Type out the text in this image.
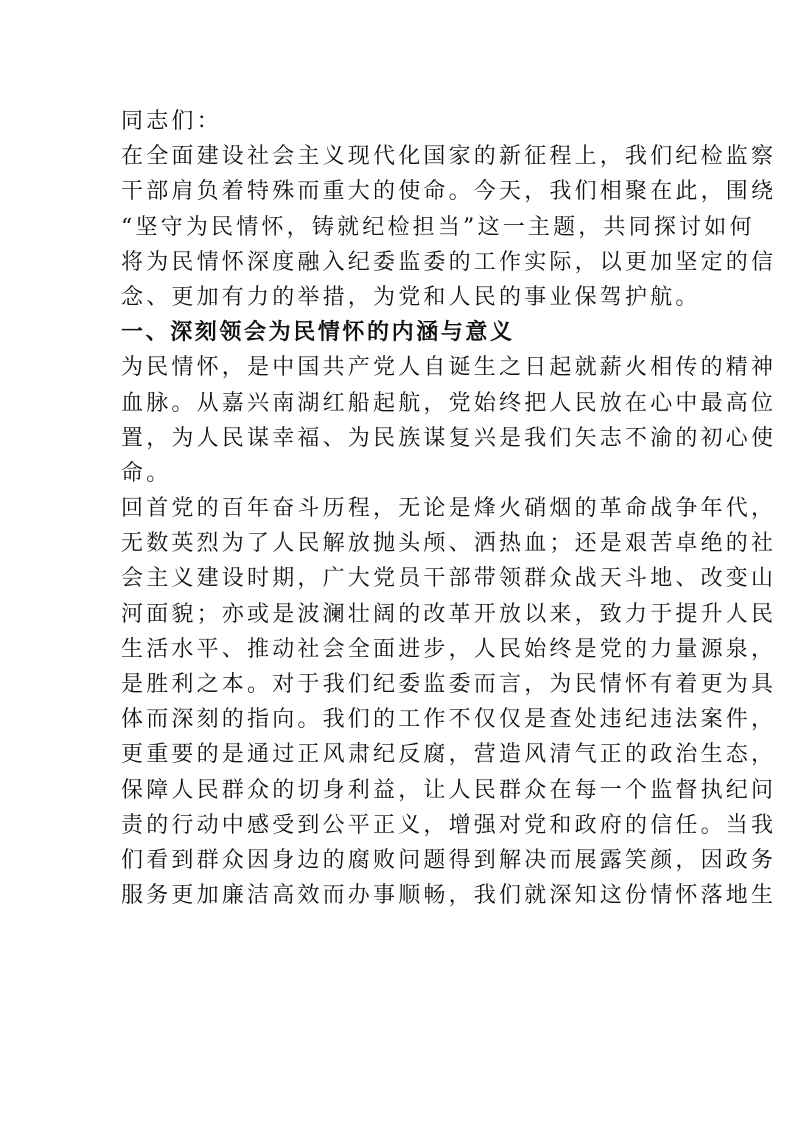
同志们：
在全面建设社会主义现代化国家的新征程上，我们纪检监察
干部肩负着特殊而重大的使命。今天，我们相聚在此，围绕
“坚守为民情怀，铸就纪检担当”这一主题，共同探讨如何
将为民情怀深度融入纪委监委的工作实际，以更加坚定的信
念、更加有力的举措，为党和人民的事业保驾护航。
一、深刻领会为民情怀的内涵与意义
为民情怀，是中国共产党人自诞生之日起就薪火相传的精神
血脉。从嘉兴南湖红船起航，党始终把人民放在心中最高位
置，为人民谋幸福、为民族谋复兴是我们矢志不渝的初心使
命。
回首党的百年奋斗历程，无论是烽火硝烟的革命战争年代，
无数英烈为了人民解放抛头颅、洒热血；还是艰苦卓绝的社
会主义建设时期，广大党员干部带领群众战天斗地、改变山
河面貌；亦或是波澜壮阔的改革开放以来，致力于提升人民
生活水平、推动社会全面进步，人民始终是党的力量源泉，
是胜利之本。对于我们纪委监委而言，为民情怀有着更为具
体而深刻的指向。我们的工作不仅仅是查处违纪违法案件，
更重要的是通过正风肃纪反腐，营造风清气正的政治生态，
保障人民群众的切身利益，让人民群众在每一个监督执纪问
责的行动中感受到公平正义，增强对党和政府的信任。当我
们看到群众因身边的腐败问题得到解决而展露笑颜，因政务
服务更加廉洁高效而办事顺畅，我们就深知这份情怀落地生
